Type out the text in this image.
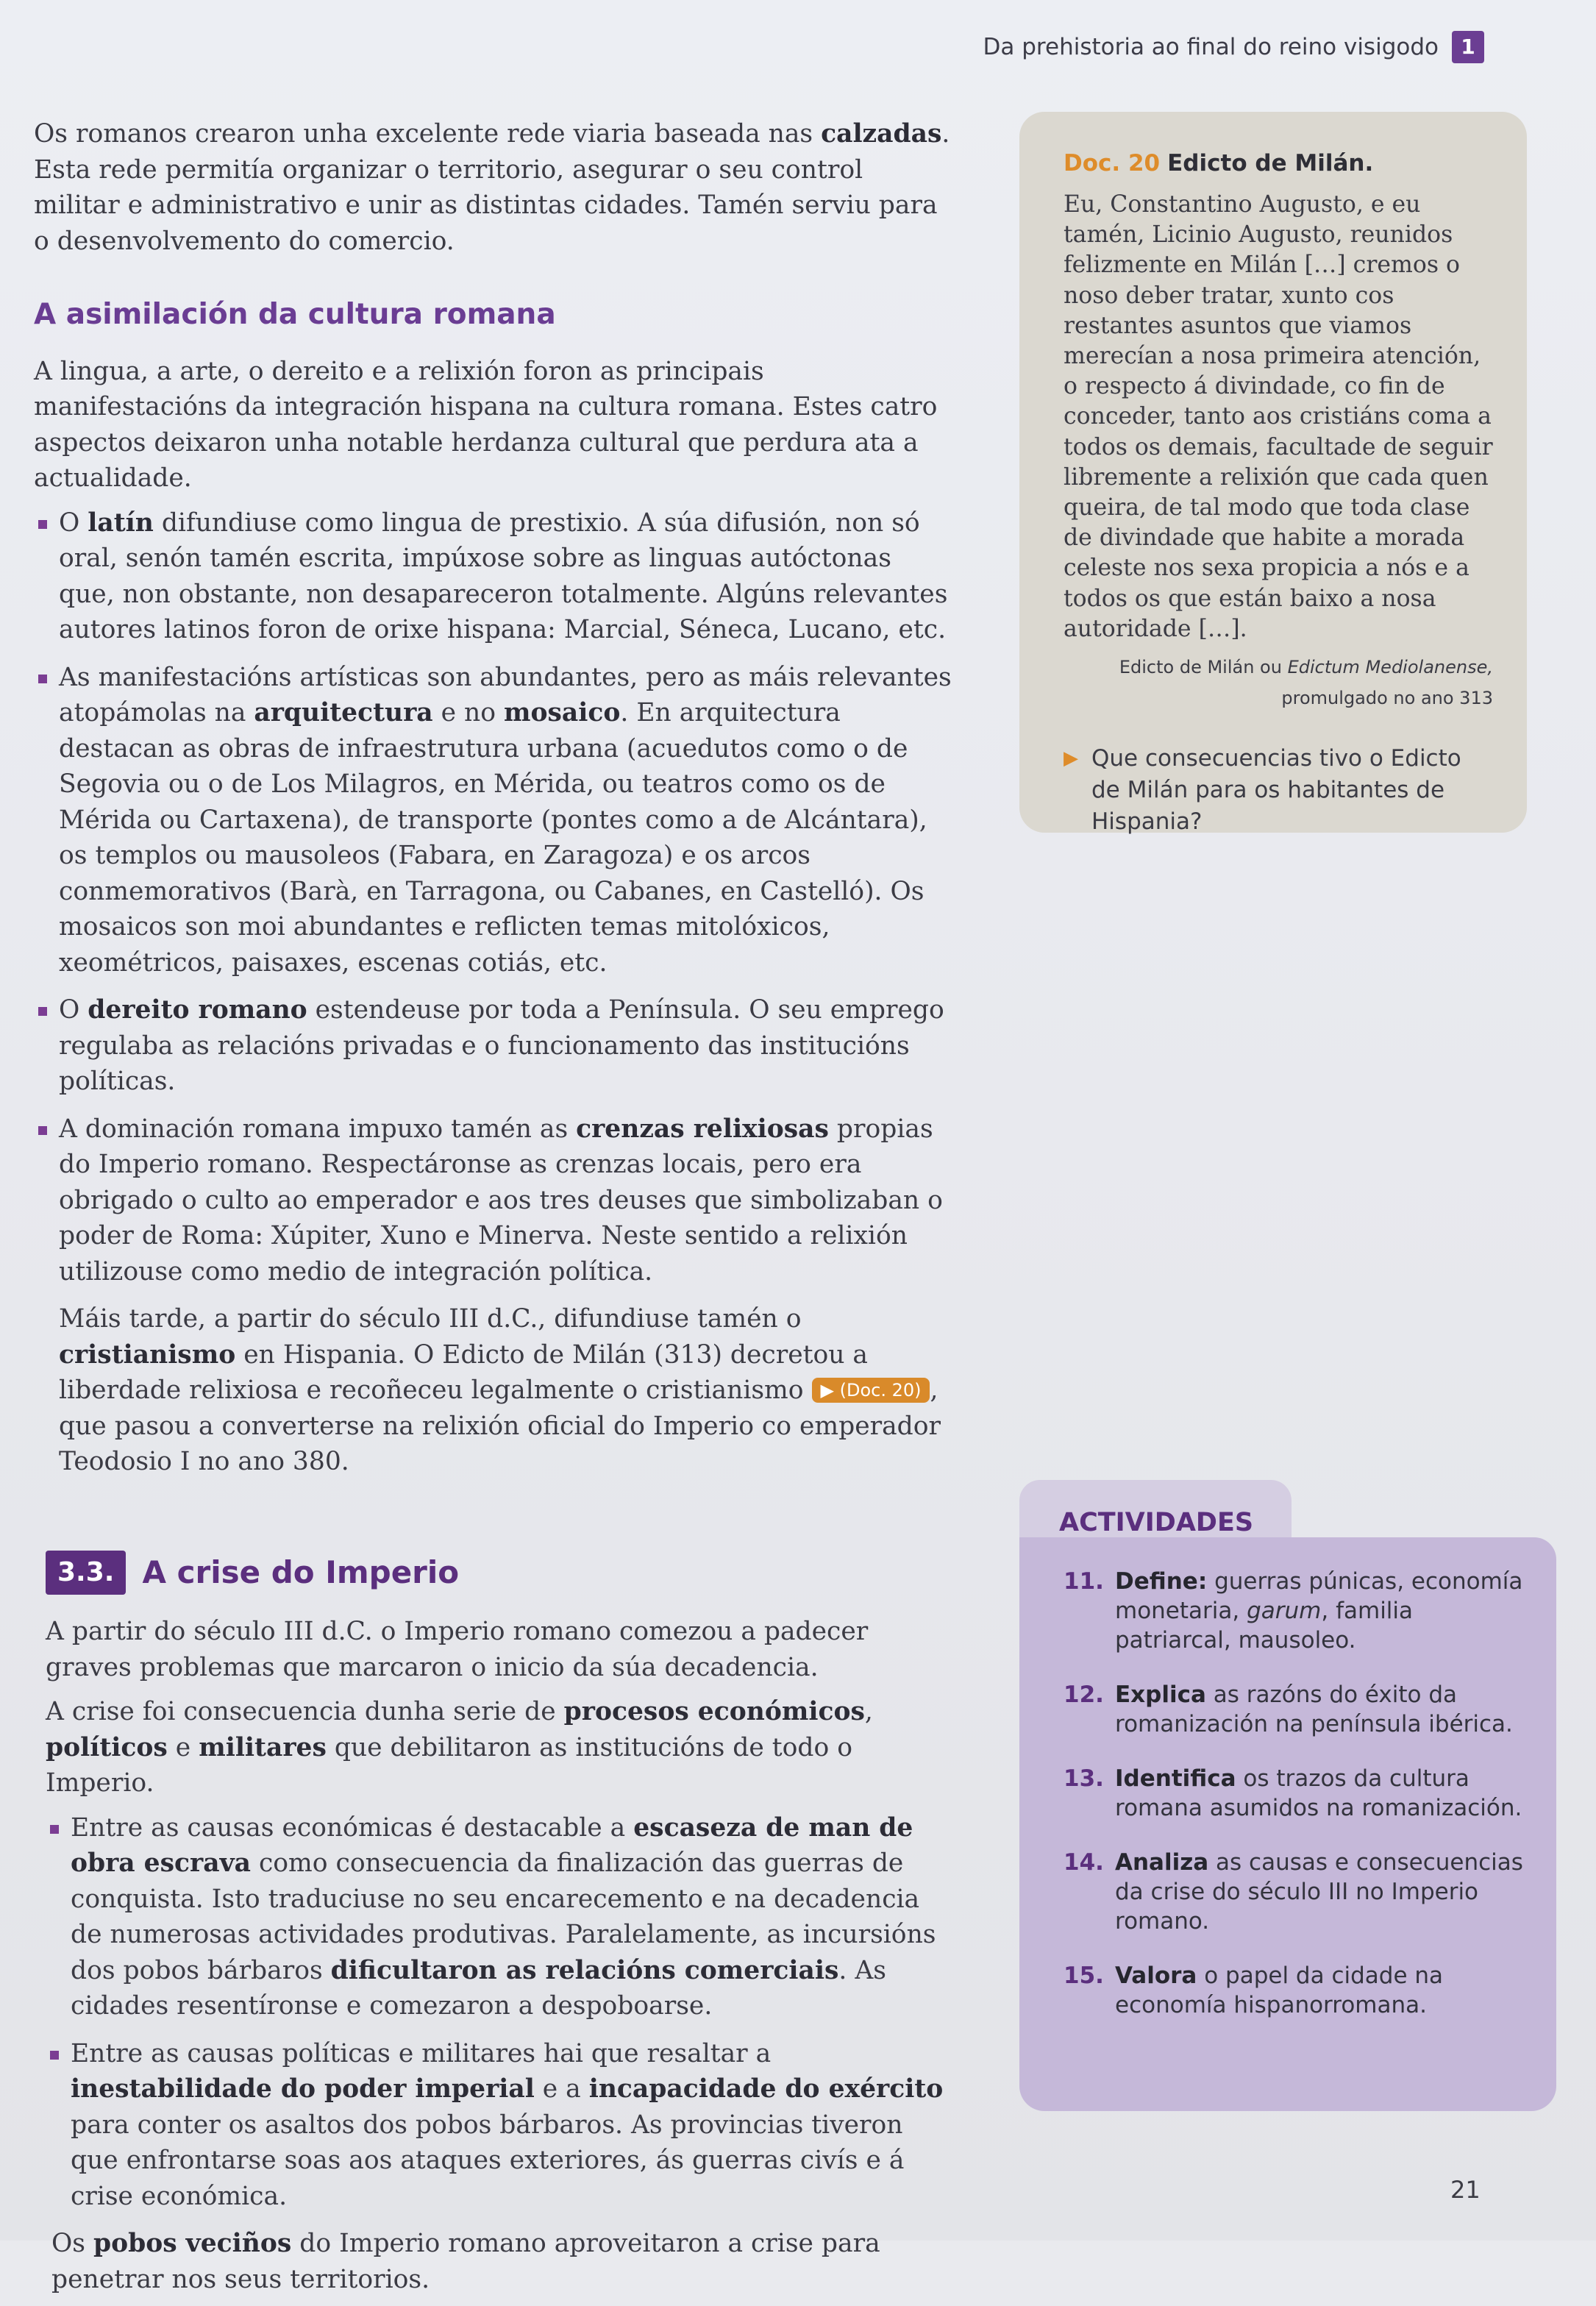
Da prehistoria ao final do reino visigodo	1
Os romanos crearon unha excelente rede viaria baseada nas calzadas. Esta rede permitía organizar o territorio, asegurar o seu control militar e administrativo e unir as distintas cidades. Tamén serviu para o desenvolvemento do comercio.
A asimilación da cultura romana
A lingua, a arte, o dereito e a relixión foron as principais manifestacións da integración hispana na cultura romana. Estes catro aspectos deixaron unha notable herdanza cultural que perdura ata a actualidade.
O latín difundiuse como lingua de prestixio. A súa difusión, non só oral, senón tamén escrita, impúxose sobre as linguas autóctonas que, non obstante, non desapareceron totalmente. Algúns relevantes autores latinos foron de orixe hispana: Marcial, Séneca, Lucano, etc.
As manifestacións artísticas son abundantes, pero as máis relevantes atopámolas na arquitectura e no mosaico. En arquitectura destacan as obras de infraestrutura urbana (acuedutos como o de Segovia ou o de Los Milagros, en Mérida, ou teatros como os de Mérida ou Cartaxena), de transporte (pontes como a de Alcántara), os templos ou mausoleos (Fabara, en Zaragoza) e os arcos conmemorativos (Barà, en Tarragona, ou Cabanes, en Castelló). Os mosaicos son moi abundantes e reflicten temas mitolóxicos, xeométricos, paisaxes, escenas cotiás, etc.
O dereito romano estendeuse por toda a Península. O seu emprego regulaba as relacións privadas e o funcionamento das institucións políticas.
A dominación romana impuxo tamén as crenzas relixiosas propias do Imperio romano. Respectáronse as crenzas locais, pero era obrigado o culto ao emperador e aos tres deuses que simbolizaban o poder de Roma: Xúpiter, Xuno e Minerva. Neste sentido a relixión utilizouse como medio de integración política.
Máis tarde, a partir do século III d.C., difundiuse tamén o cristianismo en Hispania. O Edicto de Milán (313) decretou a liberdade relixiosa e recoñeceu legalmente o cristianismo ▶ (Doc. 20) , que pasou a converterse na relixión oficial do Imperio co emperador Teodosio I no ano 380.
3.3. A crise do Imperio
A partir do século III d.C. o Imperio romano comezou a padecer graves problemas que marcaron o inicio da súa decadencia.
A crise foi consecuencia dunha serie de procesos económicos, políticos e militares que debilitaron as institucións de todo o Imperio.
Entre as causas económicas é destacable a escaseza de man de obra escrava como consecuencia da finalización das guerras de conquista. Isto traduciuse no seu encarecemento e na decadencia de numerosas actividades produtivas. Paralelamente, as incursións dos pobos bárbaros dificultaron as relacións comerciais. As cidades resentíronse e comezaron a despoboarse.
Entre as causas políticas e militares hai que resaltar a inestabilidade do poder imperial e a incapacidade do exército para conter os asaltos dos pobos bárbaros. As provincias tiveron que enfrontarse soas aos ataques exteriores, ás guerras civís e á crise económica.
Os pobos veciños do Imperio romano aproveitaron a crise para penetrar nos seus territorios.
Doc. 20 Edicto de Milán.
Eu, Constantino Augusto, e eu tamén, Licinio Augusto, reunidos felizmente en Milán […] cremos o noso deber tratar, xunto cos restantes asuntos que viamos merecían a nosa primeira atención, o respecto á divindade, co fin de conceder, tanto aos cristiáns coma a todos os demais, facultade de seguir libremente a relixión que cada quen queira, de tal modo que toda clase de divindade que habite a morada celeste nos sexa propicia a nós e a todos os que están baixo a nosa autoridade […].
Edicto de Milán ou Edictum Mediolanense,
promulgado no ano 313
▶ Que consecuencias tivo o Edicto de Milán para os habitantes de Hispania?
ACTIVIDADES
11. Define: guerras púnicas, economía monetaria, garum, familia patriarcal, mausoleo.
12. Explica as razóns do éxito da romanización na península ibérica.
13. Identifica os trazos da cultura romana asumidos na romanización.
14. Analiza as causas e consecuencias da crise do século III no Imperio romano.
15. Valora o papel da cidade na economía hispanorromana.
21
